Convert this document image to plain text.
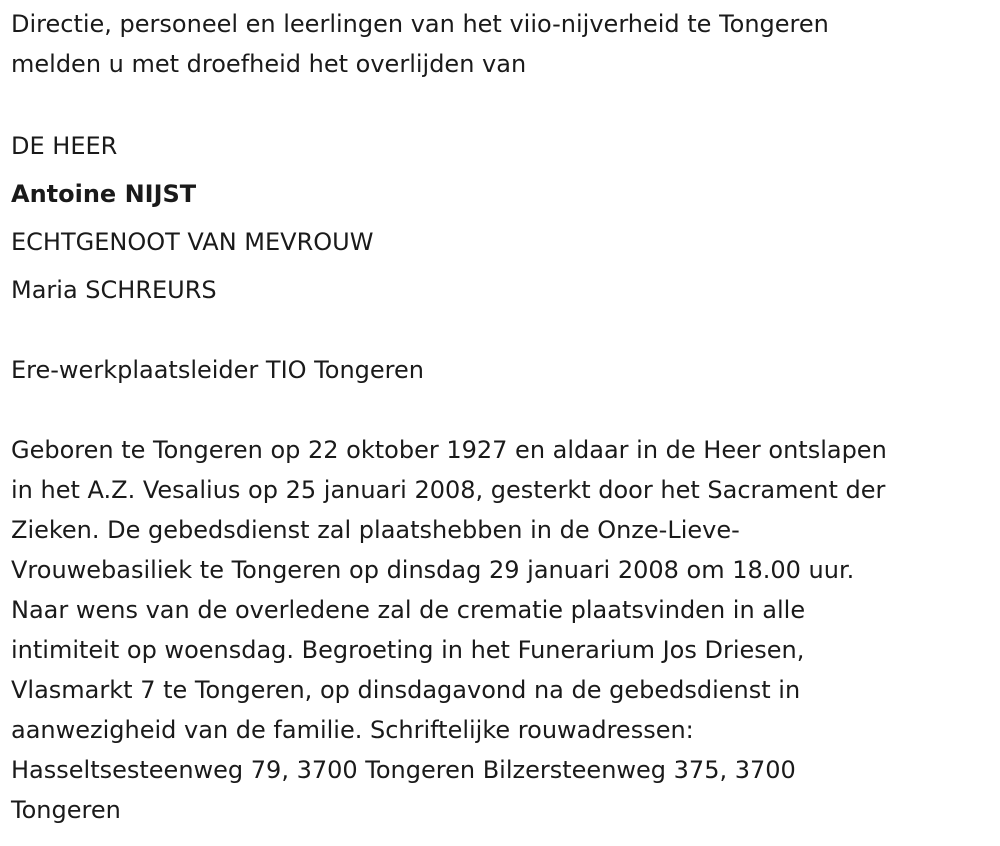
Directie, personeel en leerlingen van het viio-nijverheid te Tongeren
melden u met droefheid het overlijden van
DE HEER
Antoine NIJST
ECHTGENOOT VAN MEVROUW
Maria SCHREURS
Ere-werkplaatsleider TIO Tongeren
Geboren te Tongeren op 22 oktober 1927 en aldaar in de Heer ontslapen
in het A.Z. Vesalius op 25 januari 2008, gesterkt door het Sacrament der
Zieken. De gebedsdienst zal plaatshebben in de Onze-Lieve-
Vrouwebasiliek te Tongeren op dinsdag 29 januari 2008 om 18.00 uur.
Naar wens van de overledene zal de crematie plaatsvinden in alle
intimiteit op woensdag. Begroeting in het Funerarium Jos Driesen,
Vlasmarkt 7 te Tongeren, op dinsdagavond na de gebedsdienst in
aanwezigheid van de familie. Schriftelijke rouwadressen:
Hasseltsesteenweg 79, 3700 Tongeren Bilzersteenweg 375, 3700
Tongeren
